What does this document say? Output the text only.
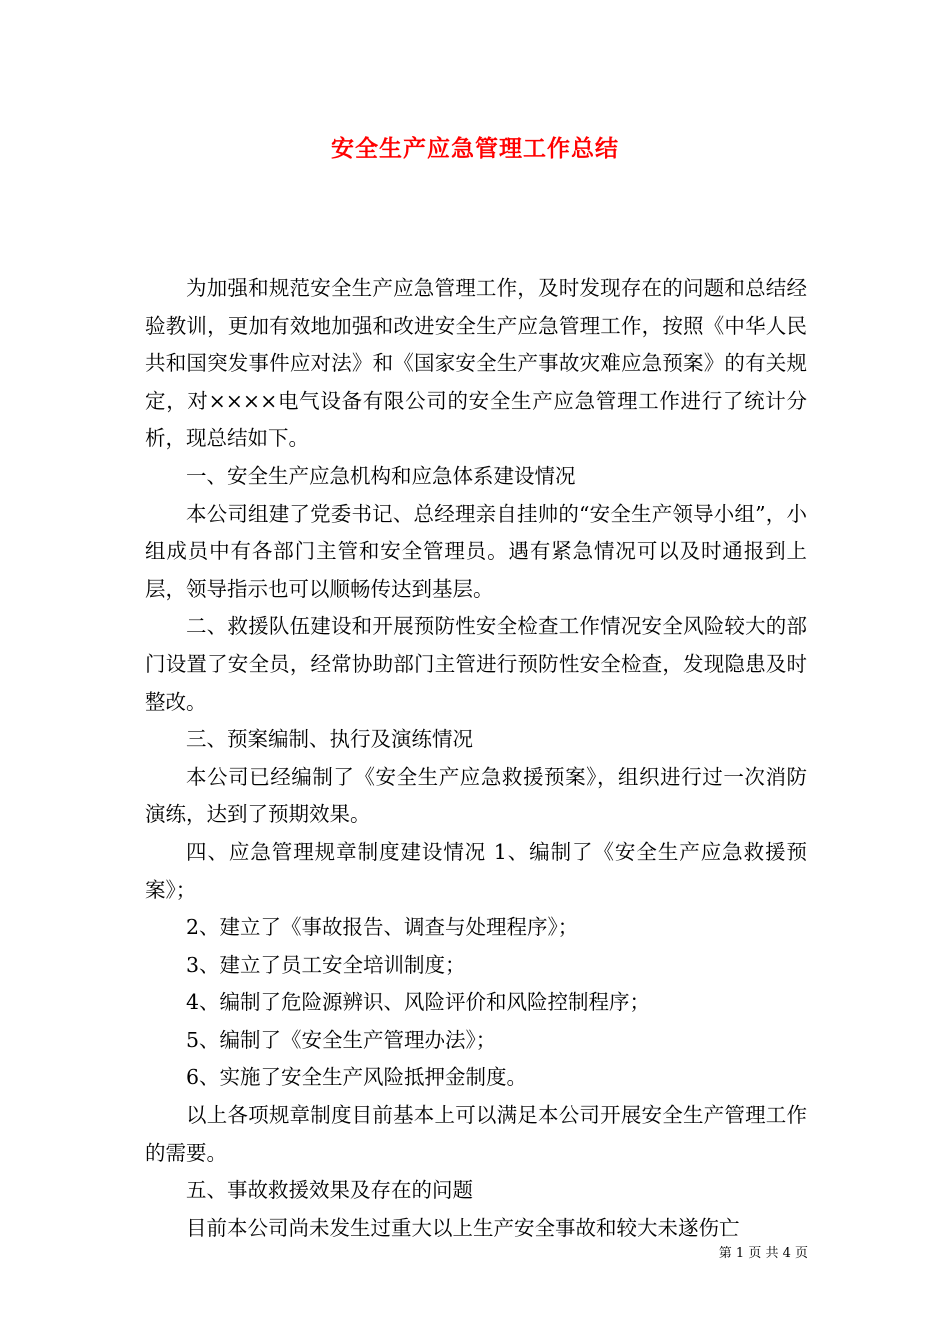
安全生产应急管理工作总结

为加强和规范安全生产应急管理工作，及时发现存在的问题和总结经验教训，更加有效地加强和改进安全生产应急管理工作，按照《中华人民共和国突发事件应对法》和《国家安全生产事故灾难应急预案》的有关规定，对××××电气设备有限公司的安全生产应急管理工作进行了统计分析，现总结如下。

一、安全生产应急机构和应急体系建设情况

本公司组建了党委书记、总经理亲自挂帅的“安全生产领导小组”，小组成员中有各部门主管和安全管理员。遇有紧急情况可以及时通报到上层，领导指示也可以顺畅传达到基层。

二、救援队伍建设和开展预防性安全检查工作情况安全风险较大的部门设置了安全员，经常协助部门主管进行预防性安全检查，发现隐患及时整改。

三、预案编制、执行及演练情况

本公司已经编制了《安全生产应急救援预案》，组织进行过一次消防演练，达到了预期效果。

四、应急管理规章制度建设情况 1、编制了《安全生产应急救援预案》；

2、建立了《事故报告、调查与处理程序》；

3、建立了员工安全培训制度；

4、编制了危险源辨识、风险评价和风险控制程序；

5、编制了《安全生产管理办法》；

6、实施了安全生产风险抵押金制度。

以上各项规章制度目前基本上可以满足本公司开展安全生产管理工作的需要。

五、事故救援效果及存在的问题

目前本公司尚未发生过重大以上生产安全事故和较大未遂伤亡

第 1 页 共 4 页
